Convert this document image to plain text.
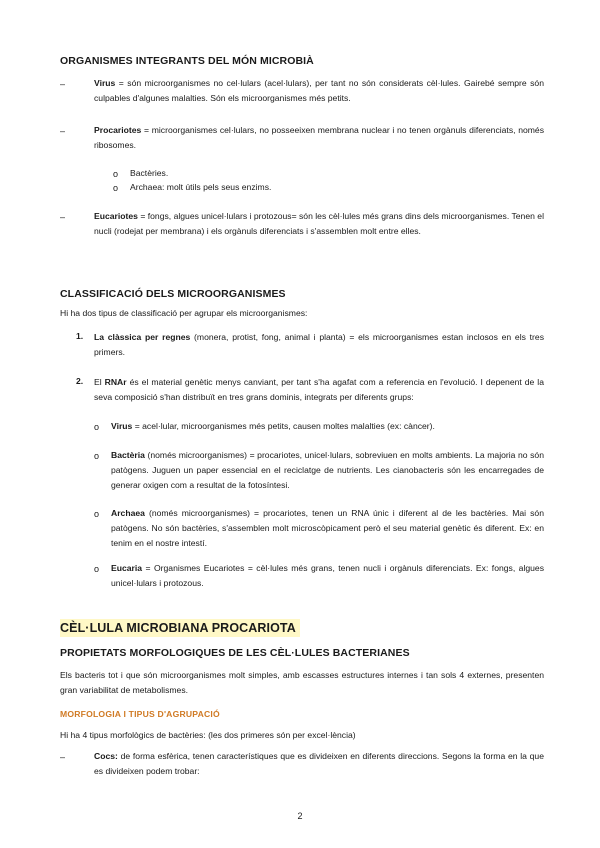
ORGANISMES INTEGRANTS DEL MÓN MICROBIÀ
–	Virus = són microorganismes no cel·lulars (acel·lulars), per tant no són considerats cèl·lules. Gairebé sempre són culpables d'algunes malalties. Són els microorganismes més petits.
–	Procariotes = microorganismes cel·lulars, no posseeixen membrana nuclear i no tenen orgànuls diferenciats, només ribosomes.
o Bactèries.
o Archaea: molt útils pels seus enzims.
–	Eucariotes = fongs, algues unicel·lulars i protozous= són les cèl·lules més grans dins dels microorganismes. Tenen el nucli (rodejat per membrana) i els orgànuls diferenciats i s'assemblen molt entre elles.
CLASSIFICACIÓ DELS MICROORGANISMES
Hi ha dos tipus de classificació per agrupar els microorganismes:
1. La clàssica per regnes (monera, protist, fong, animal i planta) = els microorganismes estan inclosos en els tres primers.
2. El RNAr és el material genètic menys canviant, per tant s'ha agafat com a referencia en l'evolució. I depenent de la seva composició s'han distribuït en tres grans dominis, integrats per diferents grups:
o Virus = acel·lular, microorganismes més petits, causen moltes malalties (ex: càncer).
o Bactèria (només microorganismes) = procariotes, unicel·lulars, sobreviuen en molts ambients. La majoria no són patògens. Juguen un paper essencial en el reciclatge de nutrients. Les cianobacteris són les encarregades de generar oxigen com a resultat de la fotosíntesi.
o Archaea (només microorganismes) = procariotes, tenen un RNA únic i diferent al de les bactèries. Mai són patògens. No són bactèries, s'assemblen molt microscòpicament però el seu material genètic és diferent. Ex: en tenim en el nostre intestí.
o Eucaria = Organismes Eucariotes = cèl·lules més grans, tenen nucli i orgànuls diferenciats. Ex: fongs, algues unicel·lulars i protozous.
CÈL·LULA MICROBIANA PROCARIOTA
PROPIETATS MORFOLOGIQUES DE LES CÈL·LULES BACTERIANES
Els bacteris tot i que són microorganismes molt simples, amb escasses estructures internes i tan sols 4 externes, presenten gran variabilitat de metabolismes.
MORFOLOGIA I TIPUS D'AGRUPACIÓ
Hi ha 4 tipus morfològics de bactèries: (les dos primeres són per excel·lència)
–	Cocs: de forma esfèrica, tenen característiques que es divideixen en diferents direccions. Segons la forma en la que es divideixen podem trobar:
2
